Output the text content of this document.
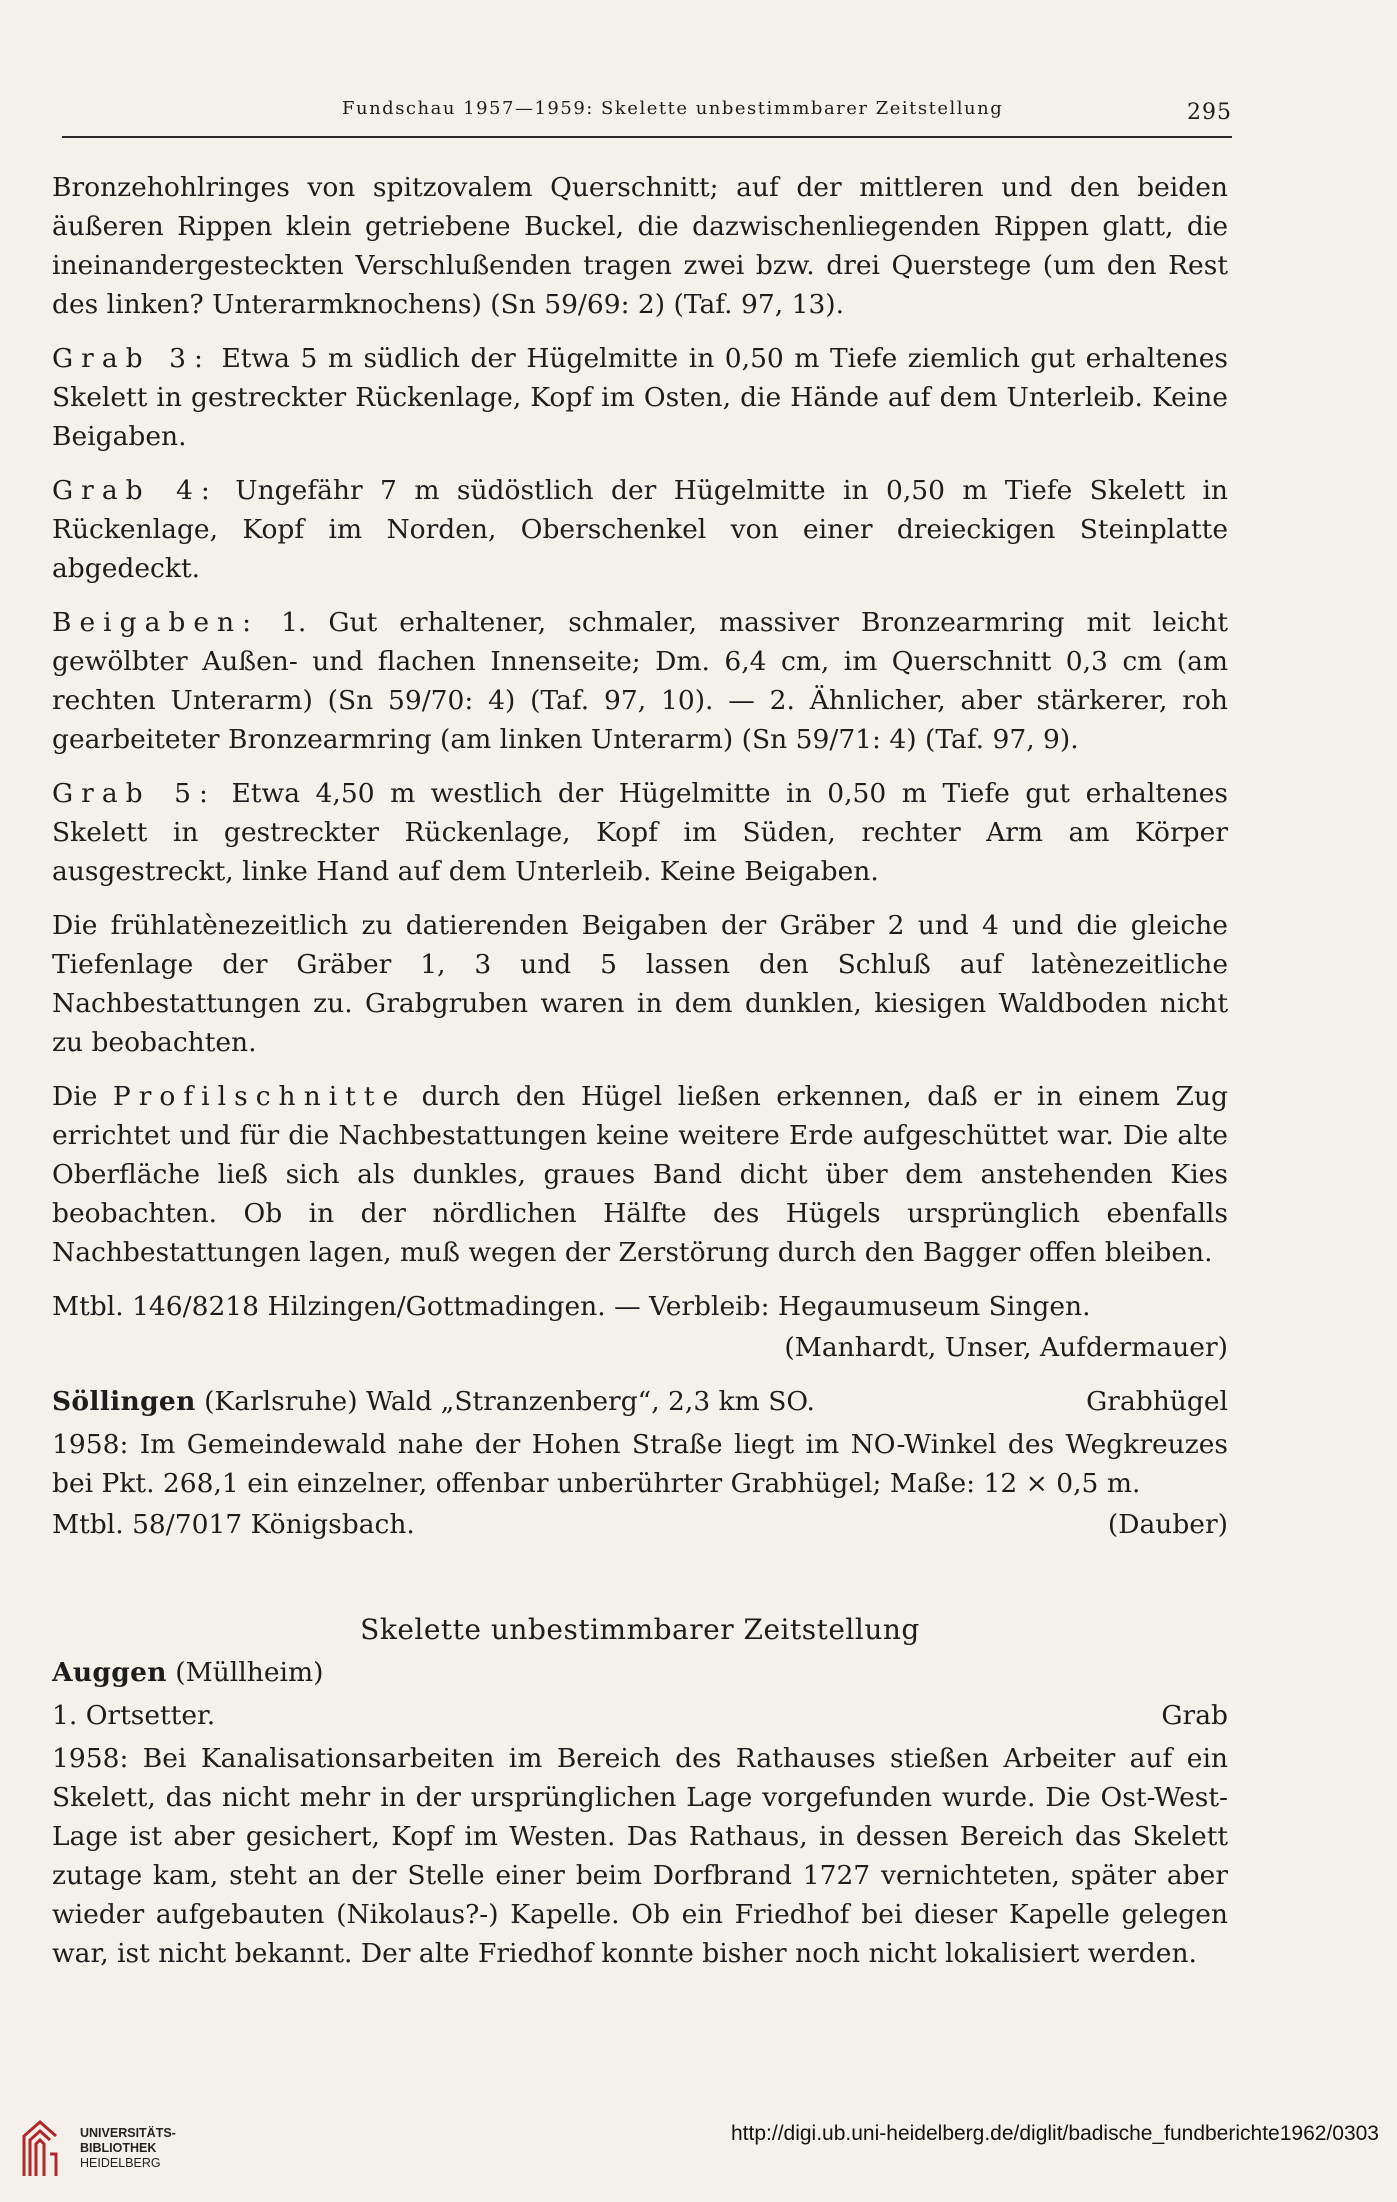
Fundschau 1957—1959: Skelette unbestimmbarer Zeitstellung	295

Bronzehohlringes von spitzovalem Querschnitt; auf der mittleren und den beiden äußeren Rippen klein getriebene Buckel, die dazwischenliegenden Rippen glatt, die ineinandergesteckten Verschlußenden tragen zwei bzw. drei Querstege (um den Rest des linken? Unterarmknochens) (Sn 59/69: 2) (Taf. 97, 13).

Grab 3: Etwa 5 m südlich der Hügelmitte in 0,50 m Tiefe ziemlich gut erhaltenes Skelett in gestreckter Rückenlage, Kopf im Osten, die Hände auf dem Unterleib. Keine Beigaben.

Grab 4: Ungefähr 7 m südöstlich der Hügelmitte in 0,50 m Tiefe Skelett in Rückenlage, Kopf im Norden, Oberschenkel von einer dreieckigen Steinplatte abgedeckt.

Beigaben: 1. Gut erhaltener, schmaler, massiver Bronzearmring mit leicht gewölbter Außen- und flachen Innenseite; Dm. 6,4 cm, im Querschnitt 0,3 cm (am rechten Unterarm) (Sn 59/70: 4) (Taf. 97, 10). — 2. Ähnlicher, aber stärkerer, roh gearbeiteter Bronzearmring (am linken Unterarm) (Sn 59/71: 4) (Taf. 97, 9).

Grab 5: Etwa 4,50 m westlich der Hügelmitte in 0,50 m Tiefe gut erhaltenes Skelett in gestreckter Rückenlage, Kopf im Süden, rechter Arm am Körper ausgestreckt, linke Hand auf dem Unterleib. Keine Beigaben.

Die frühlatènezeitlich zu datierenden Beigaben der Gräber 2 und 4 und die gleiche Tiefenlage der Gräber 1, 3 und 5 lassen den Schluß auf latènezeitliche Nachbestattungen zu. Grabgruben waren in dem dunklen, kiesigen Waldboden nicht zu beobachten.

Die Profilschnitte durch den Hügel ließen erkennen, daß er in einem Zug errichtet und für die Nachbestattungen keine weitere Erde aufgeschüttet war. Die alte Oberfläche ließ sich als dunkles, graues Band dicht über dem anstehenden Kies beobachten. Ob in der nördlichen Hälfte des Hügels ursprünglich ebenfalls Nachbestattungen lagen, muß wegen der Zerstörung durch den Bagger offen bleiben.

Mtbl. 146/8218 Hilzingen/Gottmadingen. — Verbleib: Hegaumuseum Singen.

(Manhardt, Unser, Aufdermauer)

Söllingen (Karlsruhe) Wald „Stranzenberg“, 2,3 km SO.	Grabhügel

1958: Im Gemeindewald nahe der Hohen Straße liegt im NO-Winkel des Wegkreuzes bei Pkt. 268,1 ein einzelner, offenbar unberührter Grabhügel; Maße: 12 × 0,5 m.

Mtbl. 58/7017 Königsbach.	(Dauber)
Skelette unbestimmbarer Zeitstellung
Auggen (Müllheim)
1. Ortsetter.	Grab

1958: Bei Kanalisationsarbeiten im Bereich des Rathauses stießen Arbeiter auf ein Skelett, das nicht mehr in der ursprünglichen Lage vorgefunden wurde. Die Ost-West-Lage ist aber gesichert, Kopf im Westen. Das Rathaus, in dessen Bereich das Skelett zutage kam, steht an der Stelle einer beim Dorfbrand 1727 vernichteten, später aber wieder aufgebauten (Nikolaus?-) Kapelle. Ob ein Friedhof bei dieser Kapelle gelegen war, ist nicht bekannt. Der alte Friedhof konnte bisher noch nicht lokalisiert werden.

UNIVERSITÄTS-
BIBLIOTHEK
HEIDELBERG
http://digi.ub.uni-heidelberg.de/diglit/badische_fundberichte1962/0303
